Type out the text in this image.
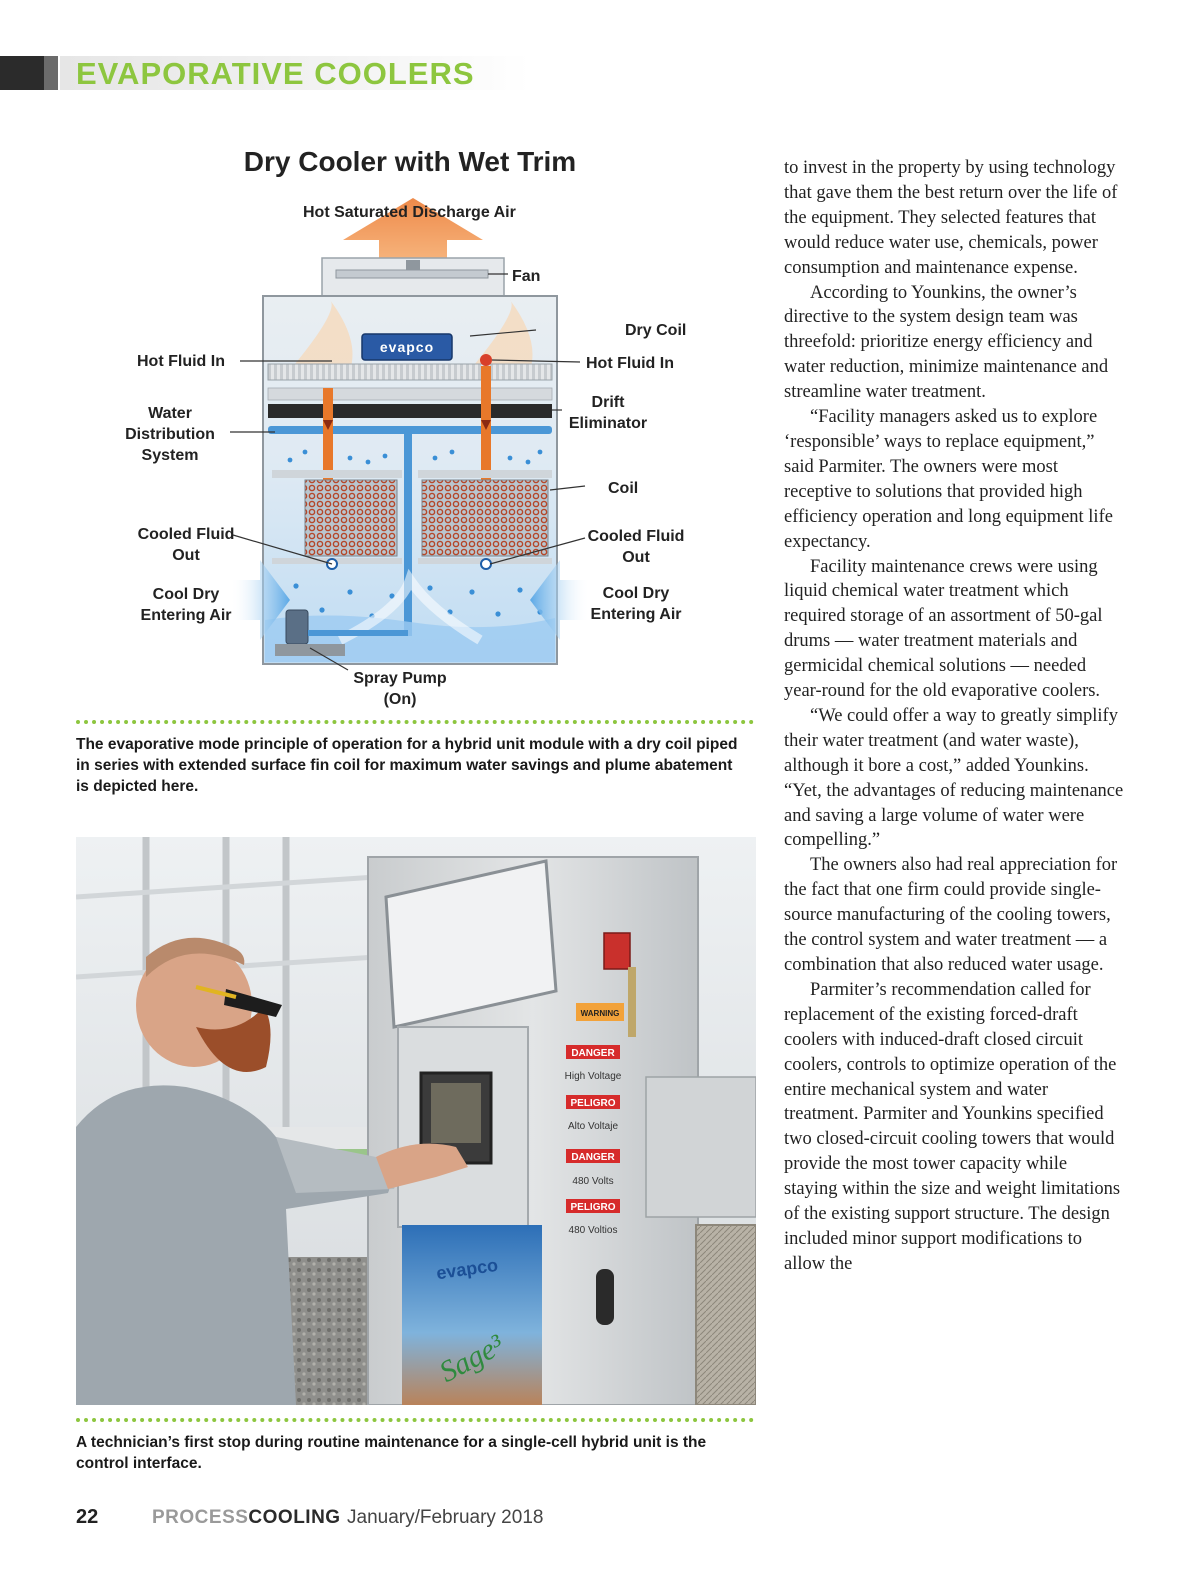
EVAPORATIVE COOLERS
evapco
Dry Cooler with Wet Trim
Hot Saturated Discharge Air
Fan
Dry Coil
Hot Fluid In	Hot Fluid In
Water
Distribution
System
Drift
Eliminator
Coil
Cooled Fluid
Out
Cooled Fluid
Out
Cool Dry
Entering Air
Cool Dry
Entering Air
Spray Pump
(On)
The evaporative mode principle of operation for a hybrid unit module with a dry coil piped in series with extended surface fin coil for maximum water savings and plume abatement is depicted here.
WARNING
DANGER
High Voltage
PELIGRO
Alto Voltaje
DANGER
480 Volts
PELIGRO
480 Voltios
evapco
Sage³
A technician’s first stop during routine maintenance for a single-cell hybrid unit is the control interface.

to invest in the property by using technology that gave them the best return over the life of the equipment. They selected features that would reduce water use, chemicals, power consumption and maintenance expense.

According to Younkins, the owner’s directive to the system design team was threefold: prioritize energy efficiency and water reduction, minimize maintenance and streamline water treatment.

“Facility managers asked us to explore ‘responsible’ ways to replace equipment,” said Parmiter. The owners were most receptive to solutions that provided high efficiency operation and long equipment life expectancy.

Facility maintenance crews were using liquid chemical water treatment which required storage of an assortment of 50-gal drums — water treatment materials and germicidal chemical solutions — needed year-round for the old evaporative coolers.

“We could offer a way to greatly simplify their water treatment (and water waste), although it bore a cost,” added Younkins. “Yet, the advantages of reducing maintenance and saving a large volume of water were compelling.”

The owners also had real appreciation for the fact that one firm could provide single-source manufacturing of the cooling towers, the control system and water treatment — a combination that also reduced water usage.

Parmiter’s recommendation called for replacement of the existing forced-draft coolers with induced-draft closed circuit coolers, controls to optimize operation of the entire mechanical system and water treatment. Parmiter and Younkins specified two closed-circuit cooling towers that would provide the most tower capacity while staying within the size and weight limitations of the existing support structure. The design included minor support modifications to allow the

22	PROCESSCOOLING January/February 2018
